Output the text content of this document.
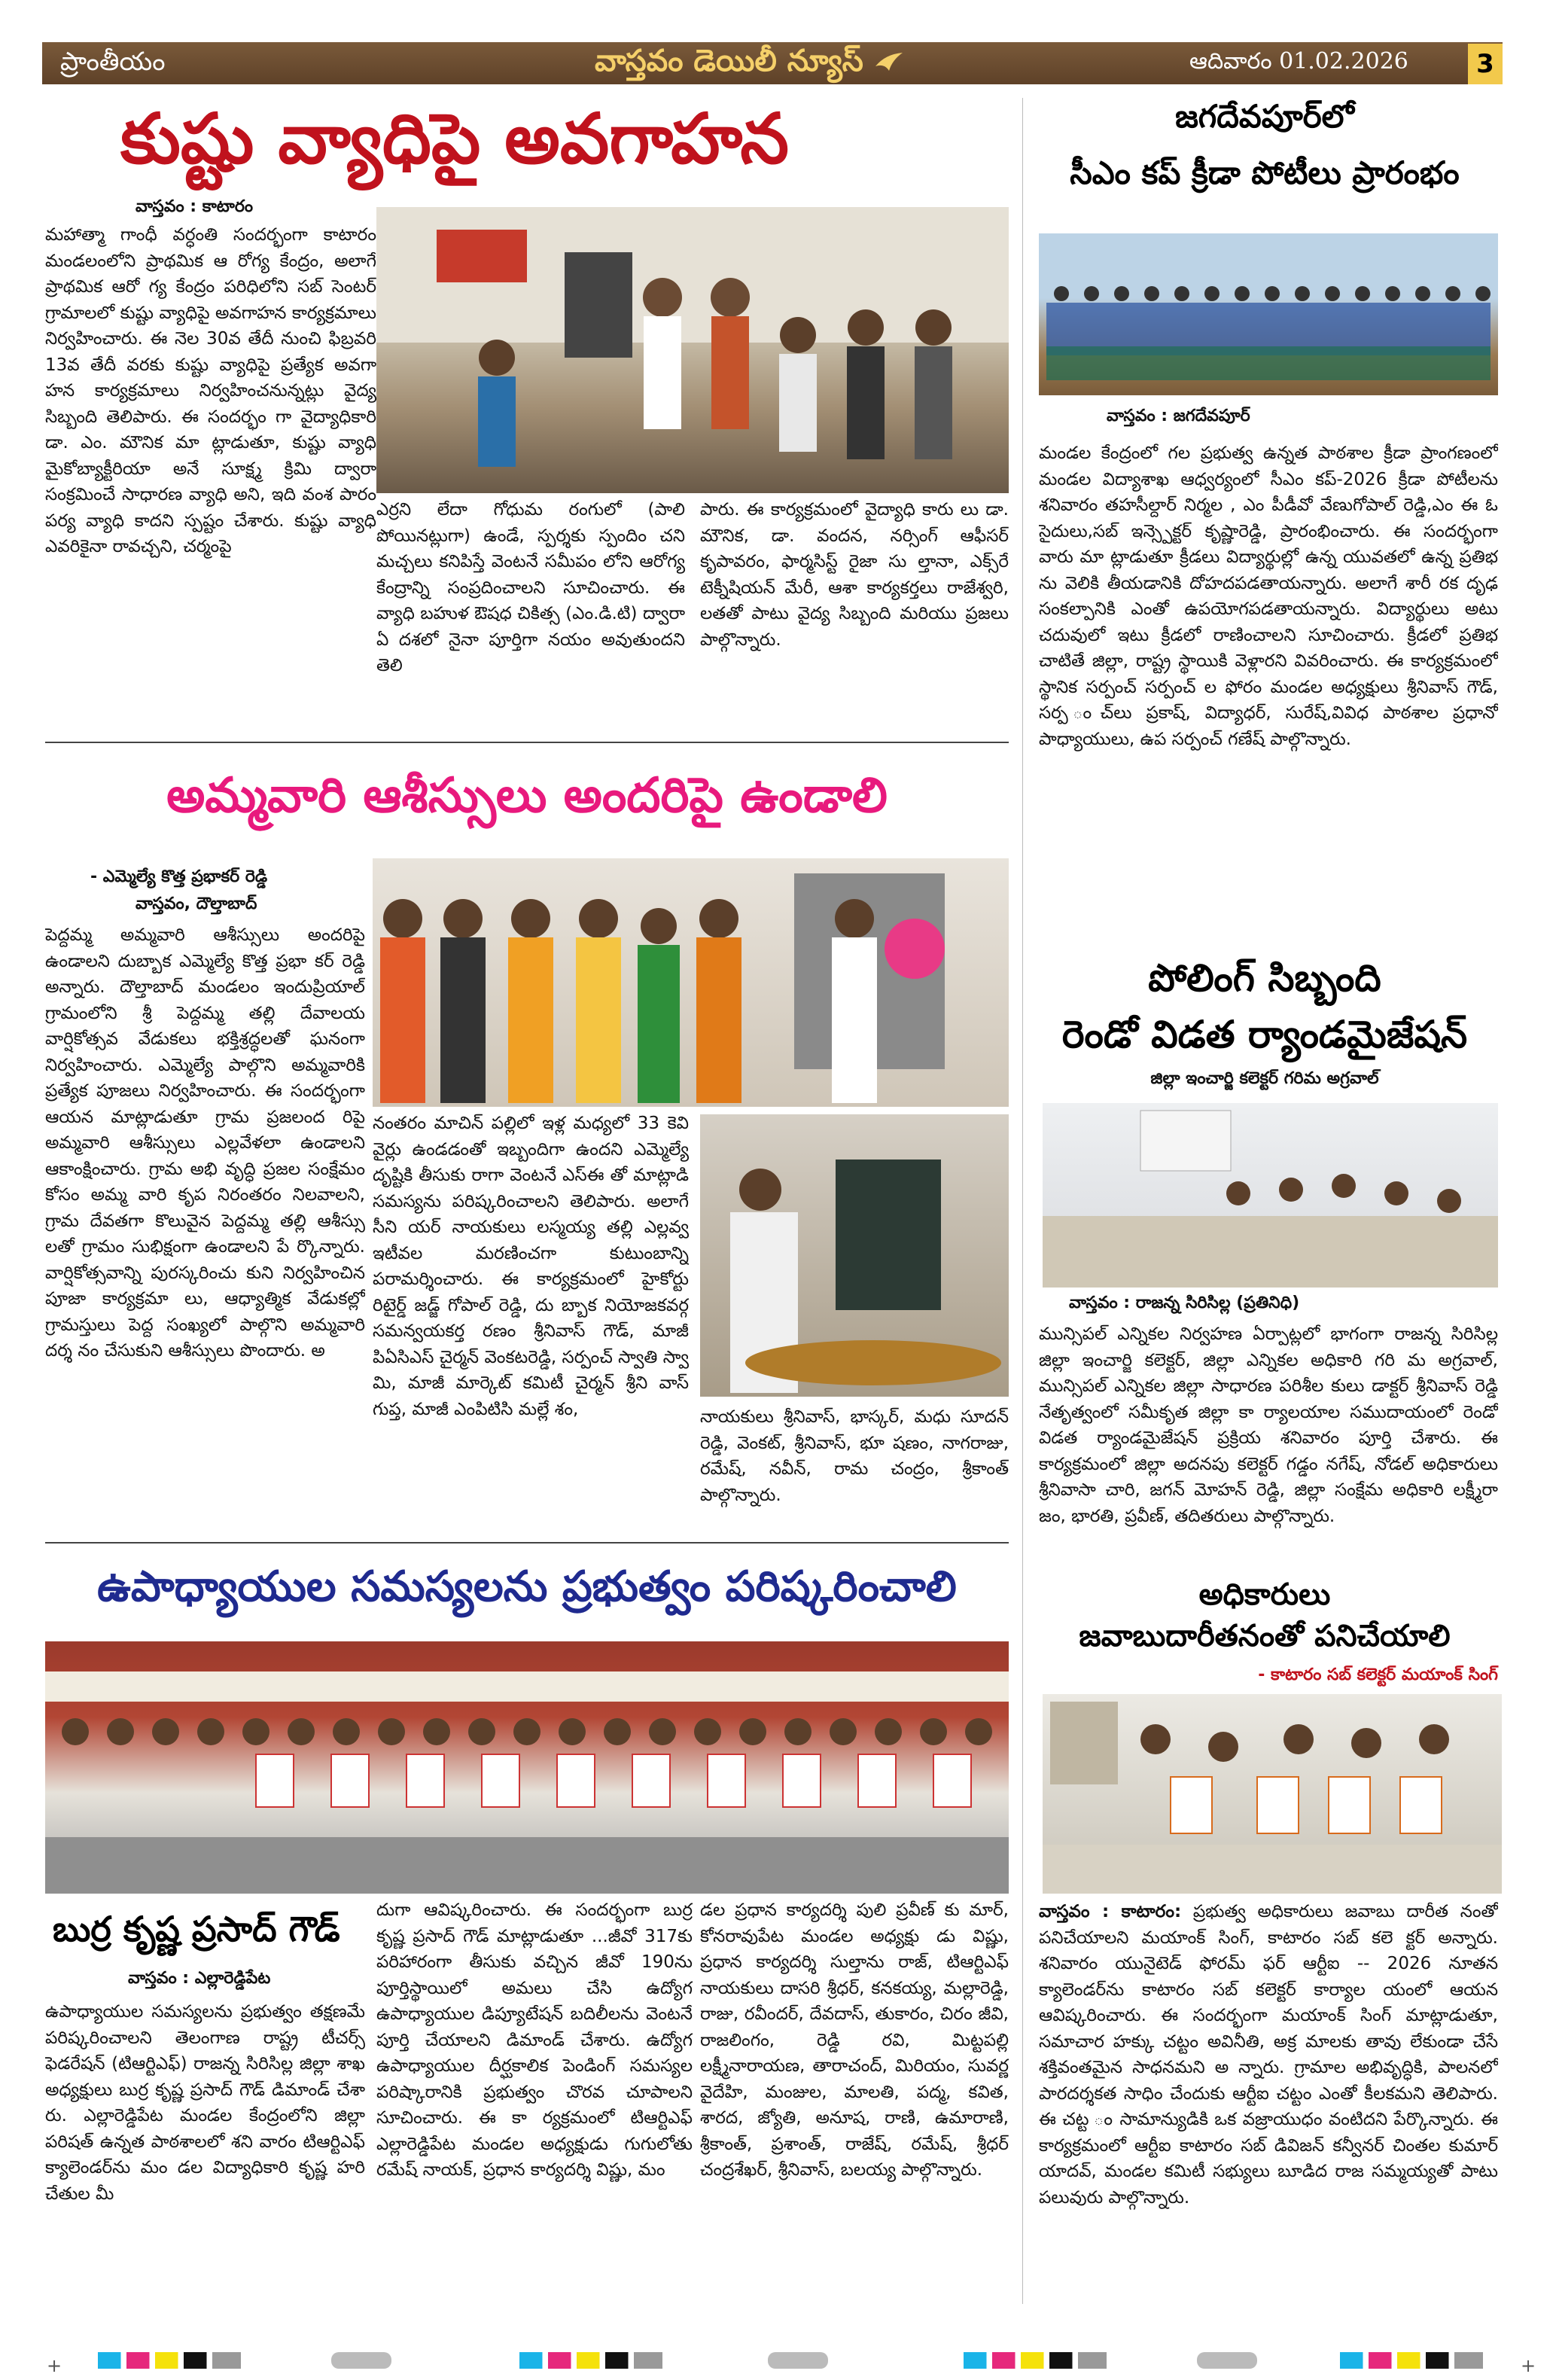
ప్రాంతీయం	వాస్తవం డెయిలీ న్యూస్	ఆదివారం 01.02.2026	3
కుష్టు వ్యాధిపై అవగాహన
వాస్తవం : కాటారం
మహాత్మా గాంధీ వర్ధంతి సందర్భంగా కాటారం మండలంలోని ప్రాథమిక ఆ రోగ్య కేంద్రం, అలాగే ప్రాథమిక ఆరో గ్య కేంద్రం పరిధిలోని సబ్ సెంటర్ గ్రామాలలో కుష్టు వ్యాధిపై అవగాహన కార్యక్రమాలు నిర్వహించారు. ఈ నెల 30వ తేదీ నుంచి ఫిబ్రవరి 13వ తేదీ వరకు కుష్టు వ్యాధిపై ప్రత్యేక అవగా హన కార్యక్రమాలు నిర్వహించనున్నట్లు వైద్య సిబ్బంది తెలిపారు. ఈ సందర్భం గా వైద్యాధికారి డా. ఎం. మౌనిక మా ట్లాడుతూ, కుష్టు వ్యాధి మైకోబ్యాక్టీరియా అనే సూక్ష్మ క్రిమి ద్వారా సంక్రమించే సాధారణ వ్యాధి అని, ఇది వంశ పారం పర్య వ్యాధి కాదని స్పష్టం చేశారు. కుష్టు వ్యాధి ఎవరికైనా రావచ్చని, చర్మంపై
ఎర్రని లేదా గోధుమ రంగులో (పాలి పోయినట్లుగా) ఉండే, స్పర్శకు స్పందిం చని మచ్చలు కనిపిస్తే వెంటనే సమీపం లోని ఆరోగ్య కేంద్రాన్ని సంప్రదించాలని సూచించారు. ఈ వ్యాధి బహుళ ఔషధ చికిత్స (ఎం.డి.టి) ద్వారా ఏ దశలో నైనా పూర్తిగా నయం అవుతుందని తెలి
పారు. ఈ కార్యక్రమంలో వైద్యాధి కారు లు డా. మౌనిక, డా. వందన, నర్సింగ్ ఆఫీసర్ కృపావరం, ఫార్మసిస్ట్ రైజా సు ల్తానా, ఎక్స్‌రే టెక్నీషియన్ మేరీ, ఆశా కార్యకర్తలు రాజేశ్వరి, లతతో పాటు వైద్య సిబ్బంది మరియు ప్రజలు పాల్గొన్నారు.
జగదేవపూర్‌లో
సీఎం కప్ క్రీడా పోటీలు ప్రారంభం
వాస్తవం : జగదేవపూర్
మండల కేంద్రంలో గల ప్రభుత్వ ఉన్నత పాఠశాల క్రీడా ప్రాంగణంలో మండల విద్యాశాఖ ఆధ్వర్యంలో సీఎం కప్-2026 క్రీడా పోటీలను శనివారం తహసీల్దార్ నిర్మల , ఎం పీడీవో వేణుగోపాల్ రెడ్డి,ఎం ఈ ఓ సైదులు,సబ్ ఇన్స్పెక్టర్ కృష్ణారెడ్డి, ప్రారంభించారు. ఈ సందర్భంగా వారు మా ట్లాడుతూ క్రీడలు విద్యార్థుల్లో ఉన్న యువతలో ఉన్న ప్రతిభ ను వెలికి తీయడానికి దోహదపడతాయన్నారు. అలాగే శారీ రక దృఢ సంకల్పానికి ఎంతో ఉపయోగపడతాయన్నారు. విద్యార్థులు అటు చదువులో ఇటు క్రీడలో రాణించాలని సూచించారు. క్రీడలో ప్రతిభ చాటితే జిల్లా, రాష్ట్ర స్థాయికి వెళ్లారని వివరించారు. ఈ కార్యక్రమంలో స్థానిక సర్పంచ్ సర్పంచ్ ల ఫోరం మండల అధ్యక్షులు శ్రీనివాస్ గౌడ్, సర్ప ంచ్‌లు ప్రకాష్, విద్యాధర్, సురేష్,వివిధ పాఠశాల ప్రధానో పాధ్యాయులు, ఉప సర్పంచ్ గణేష్ పాల్గొన్నారు.
అమ్మవారి ఆశీస్సులు అందరిపై ఉండాలి
- ఎమ్మెల్యే కొత్త ప్రభాకర్ రెడ్డి
వాస్తవం, దౌల్తాబాద్
పెద్దమ్మ అమ్మవారి ఆశీస్సులు అందరిపై ఉండాలని దుబ్బాక ఎమ్మెల్యే కొత్త ప్రభా కర్ రెడ్డి అన్నారు. దౌల్తాబాద్ మండలం ఇందుప్రియాల్ గ్రామంలోని శ్రీ పెద్దమ్మ తల్లి దేవాలయ వార్షికోత్సవ వేడుకలు భక్తిశ్రద్ధలతో ఘనంగా నిర్వహించారు. ఎమ్మెల్యే పాల్గొని అమ్మవారికి ప్రత్యేక పూజలు నిర్వహించారు. ఈ సందర్భంగా ఆయన మాట్లాడుతూ గ్రామ ప్రజలంద రిపై అమ్మవారి ఆశీస్సులు ఎల్లవేళలా ఉండాలని ఆకాంక్షించారు. గ్రామ అభి వృద్ధి ప్రజల సంక్షేమం కోసం అమ్మ వారి కృప నిరంతరం నిలవాలని, గ్రామ దేవతగా కొలువైన పెద్దమ్మ తల్లి ఆశీస్సు లతో గ్రామం సుభిక్షంగా ఉండాలని పే ర్కొన్నారు. వార్షికోత్సవాన్ని పురస్కరించు కుని నిర్వహించిన పూజా కార్యక్రమా లు, ఆధ్యాత్మిక వేడుకల్లో గ్రామస్తులు పెద్ద సంఖ్యలో పాల్గొని అమ్మవారి దర్శ నం చేసుకుని ఆశీస్సులు పొందారు. అ
నంతరం మాచిన్ పల్లిలో ఇళ్ల మధ్యలో 33 కెవి వైర్లు ఉండడంతో ఇబ్బందిగా ఉందని ఎమ్మెల్యే దృష్టికి తీసుకు రాగా వెంటనే ఎస్ఈ తో మాట్లాడి సమస్యను పరిష్కరించాలని తెలిపారు. అలాగే సీని యర్ నాయకులు లస్మయ్య తల్లి ఎల్లవ్వ ఇటీవల మరణించగా కుటుంబాన్ని పరామర్శించారు. ఈ కార్యక్రమంలో హైకోర్టు రిటైర్డ్ జడ్జ్ గోపాల్ రెడ్డి, దు బ్బాక నియోజకవర్గ సమన్వయకర్త రణం శ్రీనివాస్ గౌడ్, మాజీ పిఏసిఎస్ చైర్మన్ వెంకటరెడ్డి, సర్పంచ్ స్వాతి స్వా మి, మాజీ మార్కెట్ కమిటీ చైర్మన్ శ్రీని వాస్ గుప్త, మాజీ ఎంపిటిసి మల్లే శం,	నాయకులు శ్రీనివాస్, భాస్కర్, మధు సూదన్ రెడ్డి, వెంకట్, శ్రీనివాస్, భూ షణం, నాగరాజు, రమేష్, నవీన్, రామ చంద్రం, శ్రీకాంత్ పాల్గొన్నారు.
పోలింగ్ సిబ్బంది
రెండో విడత ర్యాండమైజేషన్
జిల్లా ఇంచార్జి కలెక్టర్ గరిమ అగ్రవాల్
వాస్తవం : రాజన్న సిరిసిల్ల (ప్రతినిధి)
మున్సిపల్ ఎన్నికల నిర్వహణ ఏర్పాట్లలో భాగంగా రాజన్న సిరిసిల్ల జిల్లా ఇంచార్జి కలెక్టర్, జిల్లా ఎన్నికల అధికారి గరి మ అగ్రవాల్, మున్సిపల్ ఎన్నికల జిల్లా సాధారణ పరిశీల కులు డాక్టర్ శ్రీనివాస్ రెడ్డి నేతృత్వంలో సమీకృత జిల్లా కా ర్యాలయాల సముదాయంలో రెండో విడత ర్యాండమైజేషన్ ప్రక్రియ శనివారం పూర్తి చేశారు. ఈ కార్యక్రమంలో జిల్లా అదనపు కలెక్టర్ గడ్డం నగేష్, నోడల్ అధికారులు శ్రీనివాసా చారి, జగన్ మోహన్ రెడ్డి, జిల్లా సంక్షేమ అధికారి లక్ష్మీరా జం, భారతి, ప్రవీణ్, తదితరులు పాల్గొన్నారు.
ఉపాధ్యాయుల సమస్యలను ప్రభుత్వం పరిష్కరించాలి
బుర్ర కృష్ణ ప్రసాద్ గౌడ్
వాస్తవం : ఎల్లారెడ్డిపేట
ఉపాధ్యాయుల సమస్యలను ప్రభుత్వం తక్షణమే పరిష్కరించాలని తెలంగాణ రాష్ట్ర టీచర్స్ ఫెడరేషన్ (టిఆర్టిఎఫ్) రాజన్న సిరిసిల్ల జిల్లా శాఖ అధ్యక్షులు బుర్ర కృష్ణ ప్రసాద్ గౌడ్ డిమాండ్ చేశా రు. ఎల్లారెడ్డిపేట మండల కేంద్రంలోని జిల్లా పరిషత్ ఉన్నత పాఠశాలలో శని వారం టిఆర్టిఎఫ్ క్యాలెండర్‌ను మం డల విద్యాధికారి కృష్ణ హరి చేతుల మీ
దుగా ఆవిష్కరించారు. ఈ సందర్భంగా బుర్ర కృష్ణ ప్రసాద్ గౌడ్ మాట్లాడుతూ ...జీవో 317కు పరిహారంగా తీసుకు వచ్చిన జీవో 190ను పూర్తిస్థాయిలో అమలు చేసి ఉద్యోగ ఉపాధ్యాయుల డిప్యూటేషన్ బదిలీలను వెంటనే పూర్తి చేయాలని డిమాండ్ చేశారు. ఉద్యోగ ఉపాధ్యాయుల దీర్ఘకాలిక పెండింగ్ సమస్యల పరిష్కారానికి ప్రభుత్వం చొరవ చూపాలని సూచించారు. ఈ కా ర్యక్రమంలో టిఆర్టిఎఫ్ ఎల్లారెడ్డిపేట మండల అధ్యక్షుడు గుగులోతు రమేష్ నాయక్, ప్రధాన కార్యదర్శి విష్ణు, మం
డల ప్రధాన కార్యదర్శి పులి ప్రవీణ్ కు మార్, కోనరావుపేట మండల అధ్యక్షు డు విష్ణు, ప్రధాన కార్యదర్శి సుల్తాను రాజ్, టిఆర్టిఎఫ్ నాయకులు దాసరి శ్రీధర్, కనకయ్య, మల్లారెడ్డి, రాజు, రవీందర్, దేవదాస్, తుకారం, చిరం జీవి, రాజలింగం, రెడ్డి రవి, మిట్టపల్లి లక్ష్మీనారాయణ, తారాచంద్, మిరియం, సువర్ణ వైదేహి, మంజుల, మాలతి, పద్మ, కవిత, శారద, జ్యోతి, అనూష, రాణి, ఉమారాణి, శ్రీకాంత్, ప్రశాంత్, రాజేష్, రమేష్, శ్రీధర్ చంద్రశేఖర్, శ్రీనివాస్, బలయ్య పాల్గొన్నారు.
అధికారులు
జవాబుదారీతనంతో పనిచేయాలి
- కాటారం సబ్ కలెక్టర్ మయాంక్ సింగ్
వాస్తవం : కాటారం: ప్రభుత్వ అధికారులు జవాబు దారీత నంతో పనిచేయాలని మయాంక్ సింగ్, కాటారం సబ్ కలె క్టర్ అన్నారు. శనివారం యునైటెడ్ ఫోరమ్ ఫర్ ఆర్టీఐ -- 2026 నూతన క్యాలెండర్‌ను కాటారం సబ్ కలెక్టర్ కార్యాల యంలో ఆయన ఆవిష్కరించారు. ఈ సందర్భంగా మయాంక్ సింగ్ మాట్లాడుతూ, సమాచార హక్కు చట్టం అవినీతి, అక్ర మాలకు తావు లేకుండా చేసే శక్తివంతమైన సాధనమని అ న్నారు. గ్రామాల అభివృద్ధికి, పాలనలో పారదర్శకత సాధిం చేందుకు ఆర్టీఐ చట్టం ఎంతో కీలకమని తెలిపారు. ఈ చట్ట ం సామాన్యుడికి ఒక వజ్రాయుధం వంటిదని పేర్కొన్నారు. ఈ కార్యక్రమంలో ఆర్టీఐ కాటారం సబ్ డివిజన్ కన్వీనర్ చింతల కుమార్ యాదవ్, మండల కమిటీ సభ్యులు బూడిద రాజ సమ్మయ్యతో పాటు పలువురు పాల్గొన్నారు.
+	+
